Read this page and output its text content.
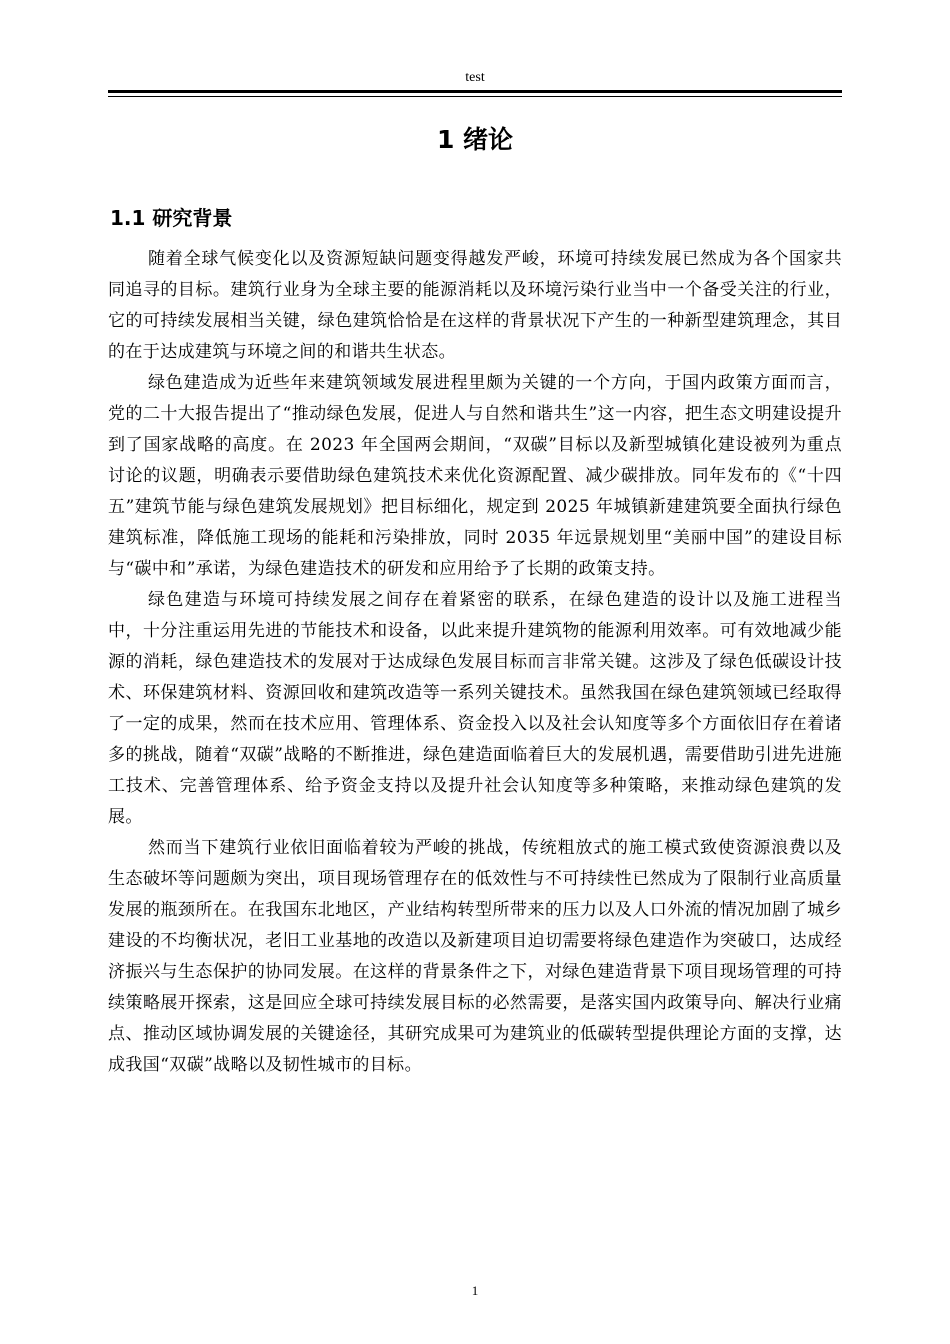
test
1 绪论
1.1 研究背景

随着全球气候变化以及资源短缺问题变得越发严峻，环境可持续发展已然成为各个国家共同追寻的目标。建筑行业身为全球主要的能源消耗以及环境污染行业当中一个备受关注的行业，它的可持续发展相当关键，绿色建筑恰恰是在这样的背景状况下产生的一种新型建筑理念，其目的在于达成建筑与环境之间的和谐共生状态。

绿色建造成为近些年来建筑领域发展进程里颇为关键的一个方向，于国内政策方面而言，党的二十大报告提出了“推动绿色发展，促进人与自然和谐共生”这一内容，把生态文明建设提升到了国家战略的高度。在 2023 年全国两会期间，“双碳”目标以及新型城镇化建设被列为重点讨论的议题，明确表示要借助绿色建筑技术来优化资源配置、减少碳排放。同年发布的《“十四五”建筑节能与绿色建筑发展规划》把目标细化，规定到 2025 年城镇新建建筑要全面执行绿色建筑标准，降低施工现场的能耗和污染排放，同时 2035 年远景规划里“美丽中国”的建设目标与“碳中和”承诺，为绿色建造技术的研发和应用给予了长期的政策支持。

绿色建造与环境可持续发展之间存在着紧密的联系，在绿色建造的设计以及施工进程当中，十分注重运用先进的节能技术和设备，以此来提升建筑物的能源利用效率。可有效地减少能源的消耗，绿色建造技术的发展对于达成绿色发展目标而言非常关键。这涉及了绿色低碳设计技术、环保建筑材料、资源回收和建筑改造等一系列关键技术。虽然我国在绿色建筑领域已经取得了一定的成果，然而在技术应用、管理体系、资金投入以及社会认知度等多个方面依旧存在着诸多的挑战，随着“双碳”战略的不断推进，绿色建造面临着巨大的发展机遇，需要借助引进先进施工技术、完善管理体系、给予资金支持以及提升社会认知度等多种策略，来推动绿色建筑的发展。

然而当下建筑行业依旧面临着较为严峻的挑战，传统粗放式的施工模式致使资源浪费以及生态破坏等问题颇为突出，项目现场管理存在的低效性与不可持续性已然成为了限制行业高质量发展的瓶颈所在。在我国东北地区，产业结构转型所带来的压力以及人口外流的情况加剧了城乡建设的不均衡状况，老旧工业基地的改造以及新建项目迫切需要将绿色建造作为突破口，达成经济振兴与生态保护的协同发展。在这样的背景条件之下，对绿色建造背景下项目现场管理的可持续策略展开探索，这是回应全球可持续发展目标的必然需要，是落实国内政策导向、解决行业痛点、推动区域协调发展的关键途径，其研究成果可为建筑业的低碳转型提供理论方面的支撑，达成我国“双碳”战略以及韧性城市的目标。

1
